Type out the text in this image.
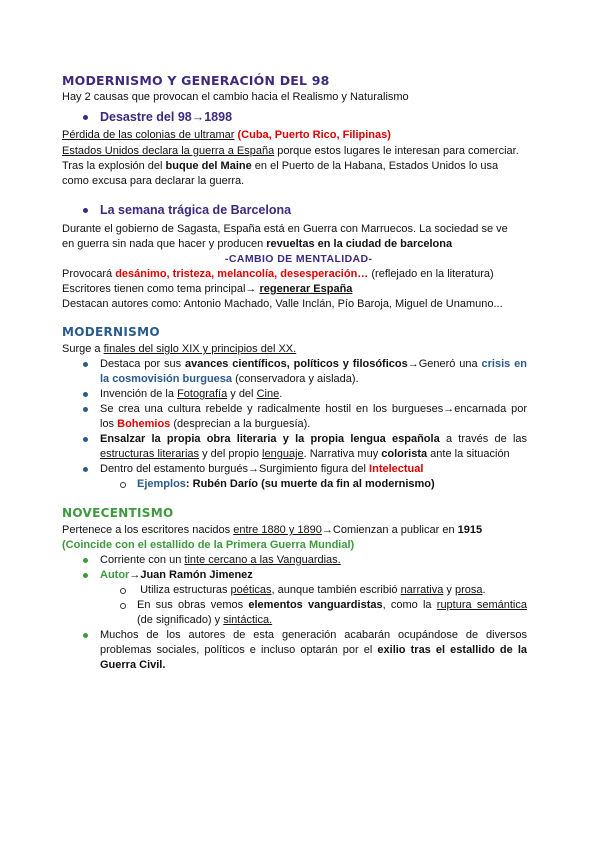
MODERNISMO Y GENERACIÓN DEL 98
Hay 2 causas que provocan el cambio hacia el Realismo y Naturalismo
Desastre del 98→1898
Pérdida de las colonias de ultramar (Cuba, Puerto Rico, Filipinas)
Estados Unidos declara la guerra a España porque estos lugares le interesan para comerciar.
Tras la explosión del buque del Maine en el Puerto de la Habana, Estados Unidos lo usa
como excusa para declarar la guerra.
La semana trágica de Barcelona
Durante el gobierno de Sagasta, España está en Guerra con Marruecos. La sociedad se ve
en guerra sin nada que hacer y producen revueltas en la ciudad de barcelona
-CAMBIO DE MENTALIDAD-
Provocará desánimo, tristeza, melancolía, desesperación… (reflejado en la literatura)
Escritores tienen como tema principal→ regenerar España
Destacan autores como: Antonio Machado, Valle Inclán, Pío Baroja, Miguel de Unamuno...
MODERNISMO
Surge a finales del siglo XIX y principios del XX.
Destaca por sus avances científicos, políticos y filosóficos→Generó una crisis en
la cosmovisión burguesa (conservadora y aislada).
Invención de la Fotografía y del Cine.
Se crea una cultura rebelde y radicalmente hostil en los burgueses→encarnada por
los Bohemios (desprecian a la burguesía).
Ensalzar la propia obra literaria y la propia lengua española a través de las
estructuras literarias y del propio lenguaje. Narrativa muy colorista ante la situación
Dentro del estamento burgués→Surgimiento figura del Intelectual
Ejemplos: Rubén Darío (su muerte da fin al modernismo)
NOVECENTISMO
Pertenece a los escritores nacidos entre 1880 y 1890→Comienzan a publicar en 1915
(Coincide con el estallido de la Primera Guerra Mundial)
Corriente con un tinte cercano a las Vanguardias.
Autor→Juan Ramón Jimenez
Utiliza estructuras poéticas, aunque también escribió narrativa y prosa.
En sus obras vemos elementos vanguardistas, como la ruptura semántica
(de significado) y sintáctica.
Muchos de los autores de esta generación acabarán ocupándose de diversos
problemas sociales, políticos e incluso optarán por el exilio tras el estallido de la
Guerra Civil.
